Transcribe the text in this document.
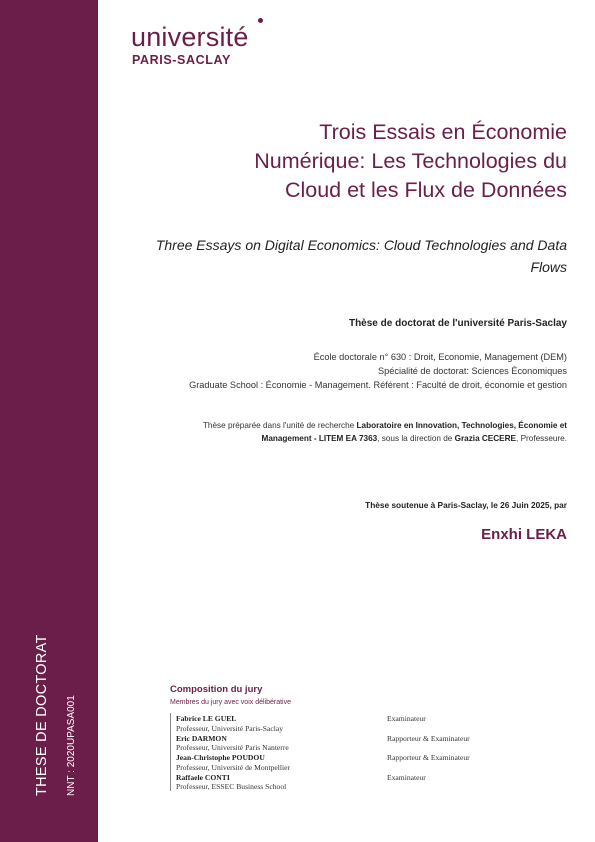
THESE DE DOCTORAT NNT : 2020UPASA001
université
PARIS-SACLAY
Trois Essais en Économie Numérique: Les Technologies du Cloud et les Flux de Données
Three Essays on Digital Economics: Cloud Technologies and Data Flows
Thèse de doctorat de l'université Paris-Saclay
École doctorale n° 630 : Droit, Economie, Management (DEM)
Spécialité de doctorat: Sciences Économiques
Graduate School : Économie - Management. Référent : Faculté de droit, économie et gestion
Thèse préparée dans l'unité de recherche Laboratoire en Innovation, Technologies, Économie et Management - LITEM EA 7363, sous la direction de Grazia CECERE, Professeure.
Thèse soutenue à Paris-Saclay, le 26 Juin 2025, par
Enxhi LEKA
Composition du jury
Membres du jury avec voix délibérative
Fabrice LE GUEL
Professeur, Université Paris-Saclay
Examinateur
Eric DARMON
Professeur, Université Paris Nanterre
Rapporteur & Examinateur
Jean-Christophe POUDOU
Professeur, Université de Montpellier
Rapporteur & Examinateur
Raffaele CONTI
Professeur, ESSEC Business School
Examinateur
